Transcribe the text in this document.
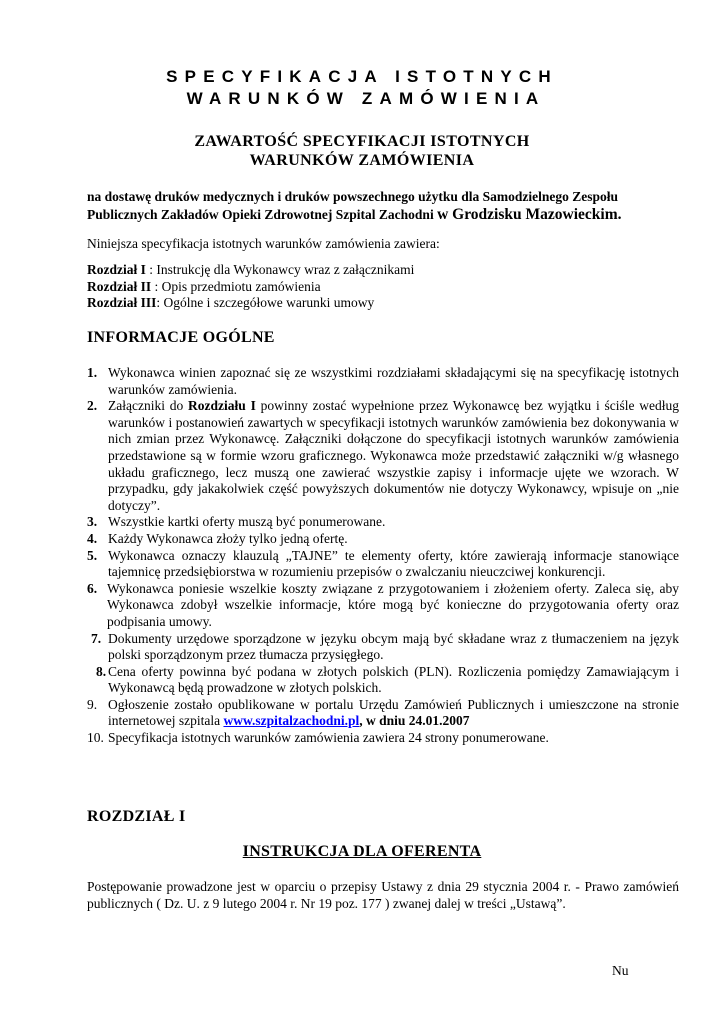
SPECYFIKACJA ISTOTNYCH
WARUNKÓW ZAMÓWIENIA
ZAWARTOŚĆ SPECYFIKACJI ISTOTNYCH
WARUNKÓW ZAMÓWIENIA
na dostawę druków medycznych i druków powszechnego użytku dla Samodzielnego Zespołu
Publicznych Zakładów Opieki Zdrowotnej Szpital Zachodni w Grodzisku Mazowieckim.
Niniejsza specyfikacja istotnych warunków zamówienia zawiera:
Rozdział I : Instrukcję dla Wykonawcy wraz z załącznikami
Rozdział II : Opis przedmiotu zamówienia
Rozdział III: Ogólne i szczegółowe warunki umowy
INFORMACJE OGÓLNE
1. Wykonawca winien zapoznać się ze wszystkimi rozdziałami składającymi się na specyfikację istotnych warunków zamówienia.
2. Załączniki do Rozdziału I powinny zostać wypełnione przez Wykonawcę bez wyjątku i ściśle według warunków i postanowień zawartych w specyfikacji istotnych warunków zamówienia bez dokonywania w nich zmian przez Wykonawcę. Załączniki dołączone do specyfikacji istotnych warunków zamówienia przedstawione są w formie wzoru graficznego. Wykonawca może przedstawić załączniki w/g własnego układu graficznego, lecz muszą one zawierać wszystkie zapisy i informacje ujęte we wzorach. W przypadku, gdy jakakolwiek część powyższych dokumentów nie dotyczy Wykonawcy, wpisuje on „nie dotyczy”.
3. Wszystkie kartki oferty muszą być ponumerowane.
4. Każdy Wykonawca złoży tylko jedną ofertę.
5. Wykonawca oznaczy klauzulą „TAJNE” te elementy oferty, które zawierają informacje stanowiące tajemnicę przedsiębiorstwa w rozumieniu przepisów o zwalczaniu nieuczciwej konkurencji.
6. Wykonawca poniesie wszelkie koszty związane z przygotowaniem i złożeniem oferty. Zaleca się, aby Wykonawca zdobył wszelkie informacje, które mogą być konieczne do przygotowania oferty oraz podpisania umowy.
7. Dokumenty urzędowe sporządzone w języku obcym mają być składane wraz z tłumaczeniem na język polski sporządzonym przez tłumacza przysięgłego.
8. Cena oferty powinna być podana w złotych polskich (PLN). Rozliczenia pomiędzy Zamawiającym i Wykonawcą będą prowadzone w złotych polskich.
9. Ogłoszenie zostało opublikowane w portalu Urzędu Zamówień Publicznych i umieszczone na stronie internetowej szpitala www.szpitalzachodni.pl, w dniu 24.01.2007
10. Specyfikacja istotnych warunków zamówienia zawiera 24 strony ponumerowane.
ROZDZIAŁ I
INSTRUKCJA DLA OFERENTA
Postępowanie prowadzone jest w oparciu o przepisy Ustawy z dnia 29 stycznia 2004 r. - Prawo zamówień publicznych ( Dz. U. z 9 lutego 2004 r. Nr 19 poz. 177 ) zwanej dalej w treści „Ustawą”.
Nu
